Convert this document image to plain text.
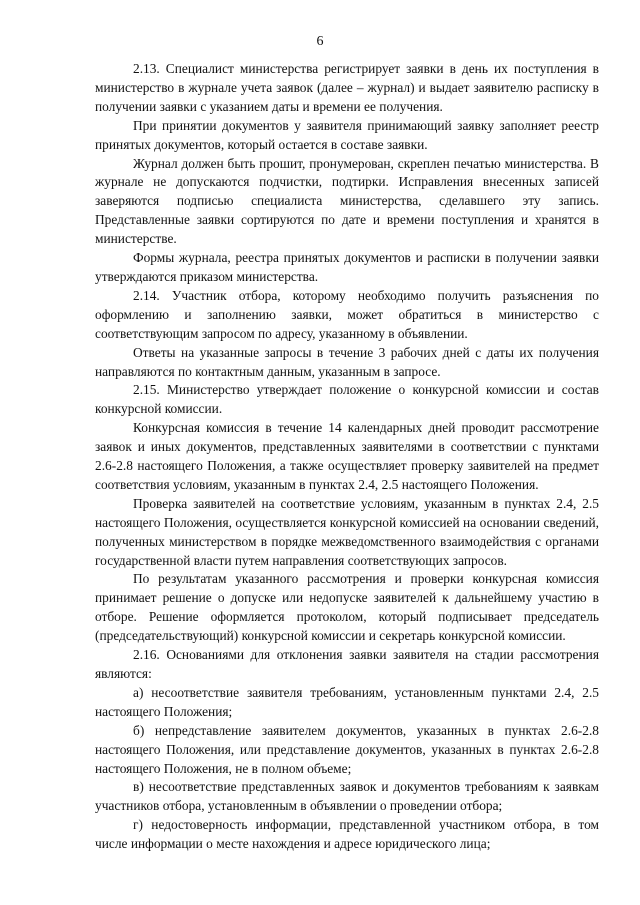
6

2.13. Специалист министерства регистрирует заявки в день их поступления в министерство в журнале учета заявок (далее – журнал) и выдает заявителю расписку в получении заявки с указанием даты и времени ее получения.

При принятии документов у заявителя принимающий заявку заполняет реестр принятых документов, который остается в составе заявки.

Журнал должен быть прошит, пронумерован, скреплен печатью министерства. В журнале не допускаются подчистки, подтирки. Исправления внесенных записей заверяются подписью специалиста министерства, сделавшего эту запись. Представленные заявки сортируются по дате и времени поступления и хранятся в министерстве.

Формы журнала, реестра принятых документов и расписки в получении заявки утверждаются приказом министерства.

2.14. Участник отбора, которому необходимо получить разъяснения по оформлению и заполнению заявки, может обратиться в министерство с соответствующим запросом по адресу, указанному в объявлении.

Ответы на указанные запросы в течение 3 рабочих дней с даты их получения направляются по контактным данным, указанным в запросе.

2.15. Министерство утверждает положение о конкурсной комиссии и состав конкурсной комиссии.

Конкурсная комиссия в течение 14 календарных дней проводит рассмотрение заявок и иных документов, представленных заявителями в соответствии с пунктами 2.6-2.8 настоящего Положения, а также осуществляет проверку заявителей на предмет соответствия условиям, указанным в пунктах 2.4, 2.5 настоящего Положения.

Проверка заявителей на соответствие условиям, указанным в пунктах 2.4, 2.5 настоящего Положения, осуществляется конкурсной комиссией на основании сведений, полученных министерством в порядке межведомственного взаимодействия с органами государственной власти путем направления соответствующих запросов.

По результатам указанного рассмотрения и проверки конкурсная комиссия принимает решение о допуске или недопуске заявителей к дальнейшему участию в отборе. Решение оформляется протоколом, который подписывает председатель (председательствующий) конкурсной комиссии и секретарь конкурсной комиссии.

2.16. Основаниями для отклонения заявки заявителя на стадии рассмотрения являются:

а) несоответствие заявителя требованиям, установленным пунктами 2.4, 2.5 настоящего Положения;

б) непредставление заявителем документов, указанных в пунктах 2.6-2.8 настоящего Положения, или представление документов, указанных в пунктах 2.6-2.8 настоящего Положения, не в полном объеме;

в) несоответствие представленных заявок и документов требованиям к заявкам участников отбора, установленным в объявлении о проведении отбора;

г) недостоверность информации, представленной участником отбора, в том числе информации о месте нахождения и адресе юридического лица;
